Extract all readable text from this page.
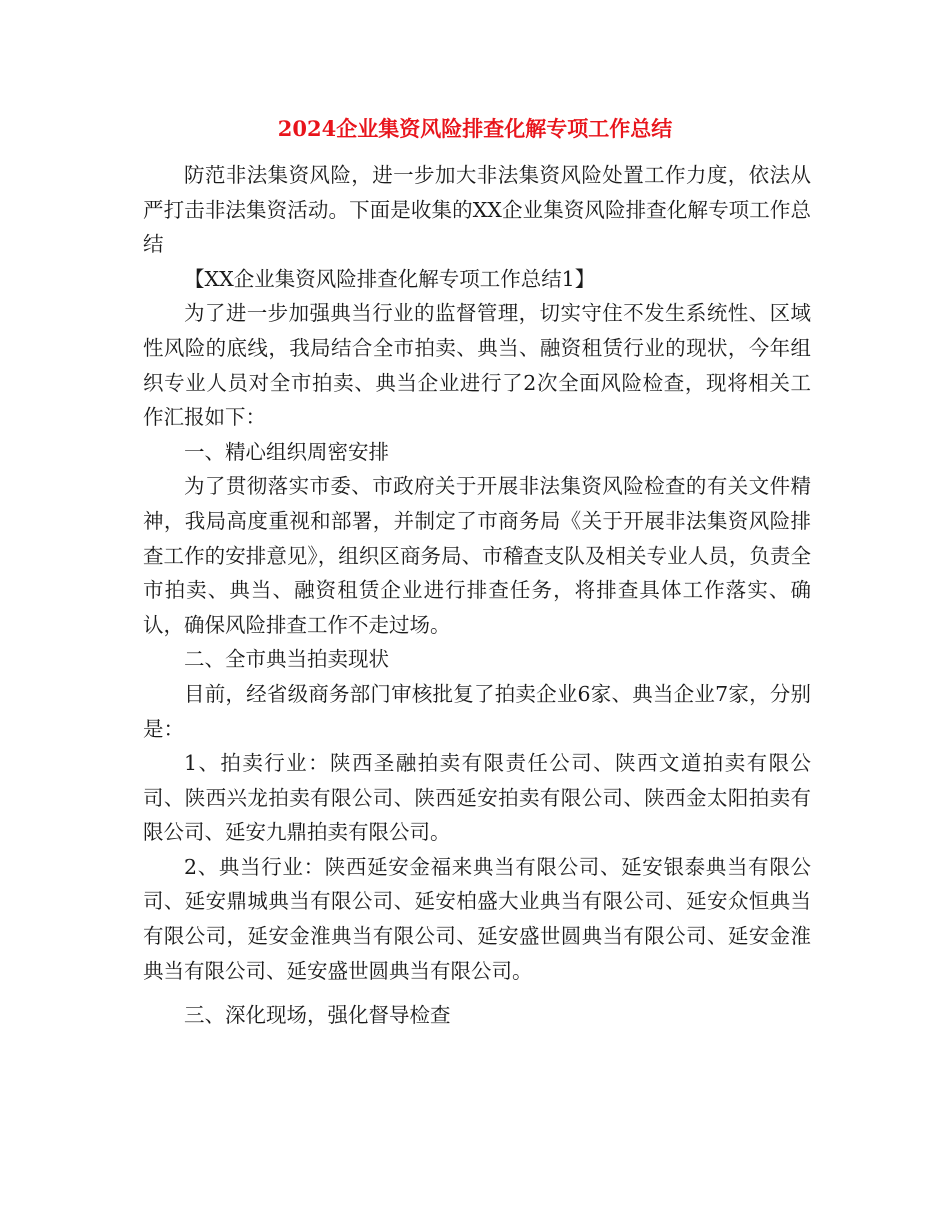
2024企业集资风险排查化解专项工作总结

防范非法集资风险，进一步加大非法集资风险处置工作力度，依法从严打击非法集资活动。下面是收集的XX企业集资风险排查化解专项工作总结

【XX企业集资风险排查化解专项工作总结1】

为了进一步加强典当行业的监督管理，切实守住不发生系统性、区域性风险的底线，我局结合全市拍卖、典当、融资租赁行业的现状，今年组织专业人员对全市拍卖、典当企业进行了2次全面风险检查，现将相关工作汇报如下：

一、精心组织周密安排

为了贯彻落实市委、市政府关于开展非法集资风险检查的有关文件精神，我局高度重视和部署，并制定了市商务局《关于开展非法集资风险排查工作的安排意见》，组织区商务局、市稽查支队及相关专业人员，负责全市拍卖、典当、融资租赁企业进行排查任务，将排查具体工作落实、确认，确保风险排查工作不走过场。

二、全市典当拍卖现状

目前，经省级商务部门审核批复了拍卖企业6家、典当企业7家，分别是：

1、拍卖行业：陕西圣融拍卖有限责任公司、陕西文道拍卖有限公司、陕西兴龙拍卖有限公司、陕西延安拍卖有限公司、陕西金太阳拍卖有限公司、延安九鼎拍卖有限公司。

2、典当行业：陕西延安金福来典当有限公司、延安银泰典当有限公司、延安鼎城典当有限公司、延安柏盛大业典当有限公司、延安众恒典当有限公司，延安金淮典当有限公司、延安盛世圆典当有限公司、延安金淮典当有限公司、延安盛世圆典当有限公司。

三、深化现场，强化督导检查
